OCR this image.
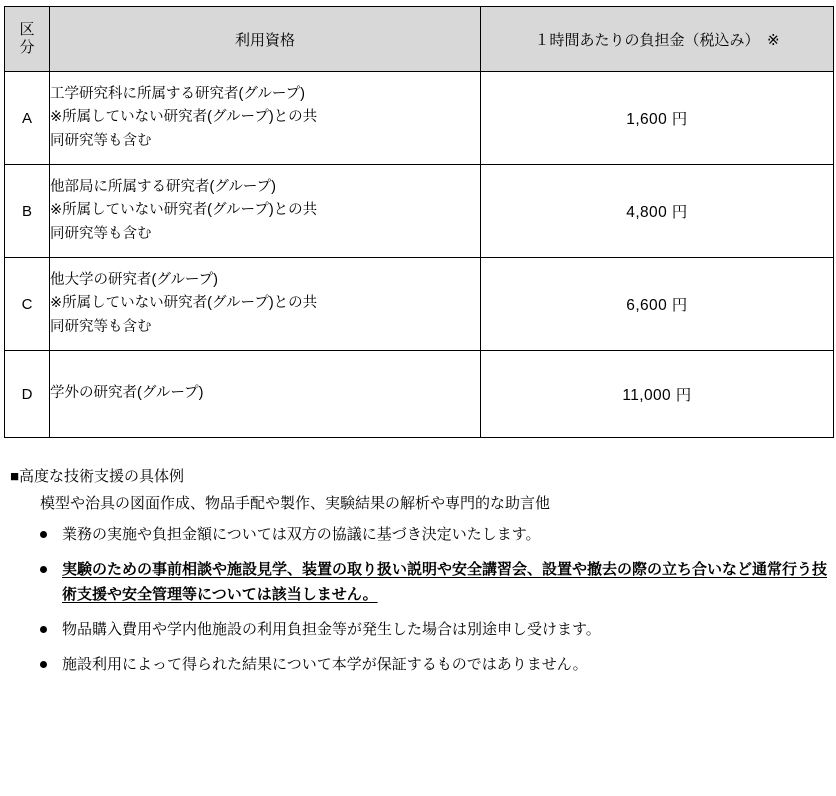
区
分	利用資格	１時間あたりの負担金（税込み）　※
A	工学研究科に所属する研究者(グループ)
※所属していない研究者(グループ)との共
同研究等も含む	1,600 円
B	他部局に所属する研究者(グループ)
※所属していない研究者(グループ)との共
同研究等も含む	4,800 円
C	他大学の研究者(グループ)
※所属していない研究者(グループ)との共
同研究等も含む	6,600 円
D	学外の研究者(グループ)	11,000 円
■高度な技術支援の具体例
模型や治具の図面作成、物品手配や製作、実験結果の解析や専門的な助言他
業務の実施や負担金額については双方の協議に基づき決定いたします。
実験のための事前相談や施設見学、装置の取り扱い説明や安全講習会、設置や撤去の際の立ち合いなど通常行う技術支援や安全管理等については該当しません。
物品購入費用や学内他施設の利用負担金等が発生した場合は別途申し受けます。
施設利用によって得られた結果について本学が保証するものではありません。
